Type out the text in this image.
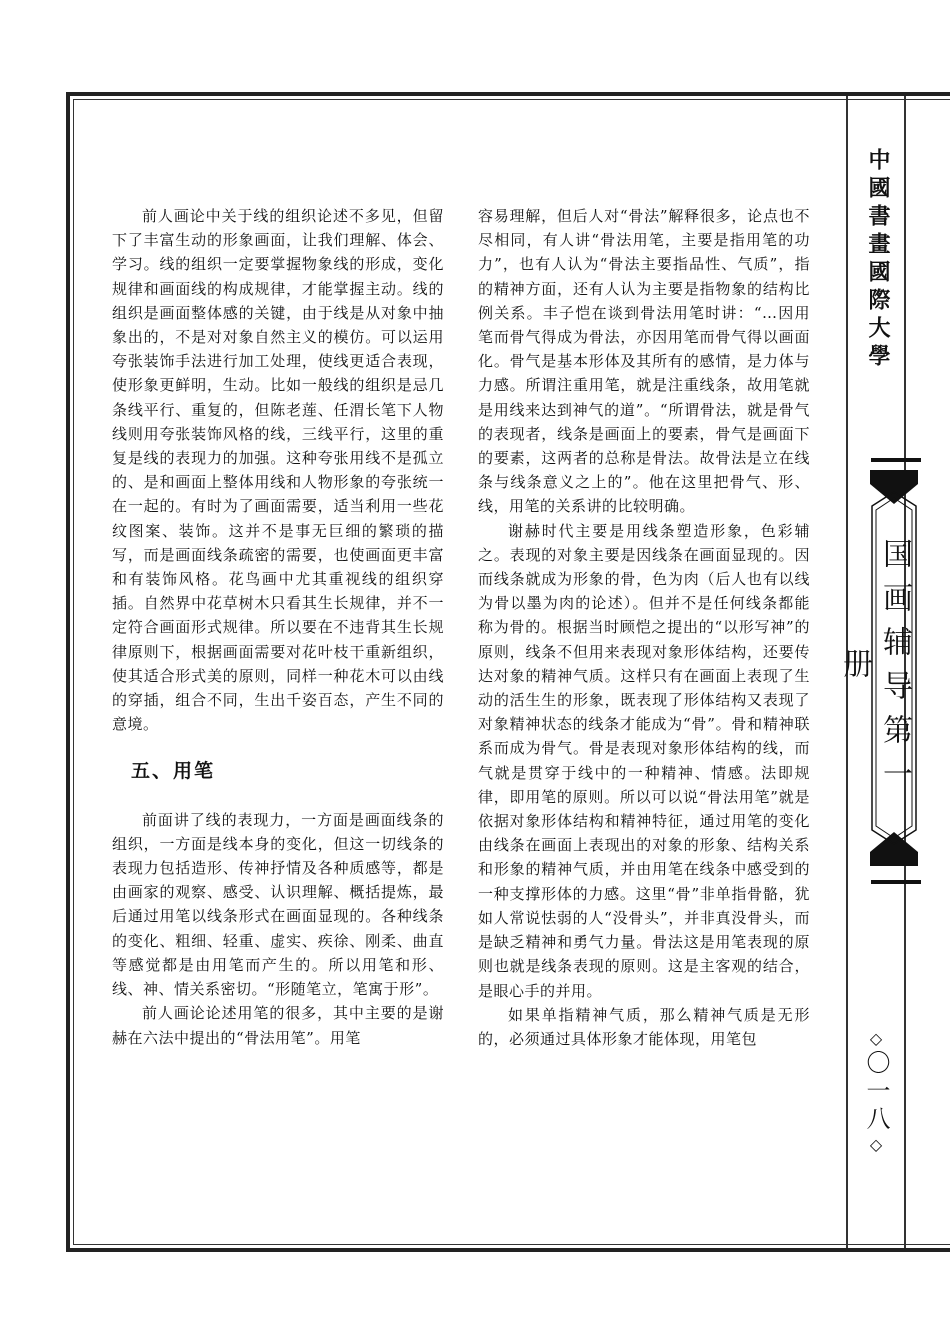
前人画论中关于线的组织论述不多见，但留下了丰富生动的形象画面，让我们理解、体会、学习。线的组织一定要掌握物象线的形成，变化规律和画面线的构成规律，才能掌握主动。线的组织是画面整体感的关键，由于线是从对象中抽象出的，不是对对象自然主义的模仿。可以运用夸张装饰手法进行加工处理，使线更适合表现，使形象更鲜明，生动。比如一般线的组织是忌几条线平行、重复的，但陈老莲、任渭长笔下人物线则用夸张装饰风格的线，三线平行，这里的重复是线的表现力的加强。这种夸张用线不是孤立的、是和画面上整体用线和人物形象的夸张统一在一起的。有时为了画面需要，适当利用一些花纹图案、装饰。这并不是事无巨细的繁琐的描写，而是画面线条疏密的需要，也使画面更丰富和有装饰风格。花鸟画中尤其重视线的组织穿插。自然界中花草树木只看其生长规律，并不一定符合画面形式规律。所以要在不违背其生长规律原则下，根据画面需要对花叶枝干重新组织，使其适合形式美的原则，同样一种花木可以由线的穿插，组合不同，生出千姿百态，产生不同的意境。

五、用笔

前面讲了线的表现力，一方面是画面线条的组织，一方面是线本身的变化，但这一切线条的表现力包括造形、传神抒情及各种质感等，都是由画家的观察、感受、认识理解、概括提炼，最后通过用笔以线条形式在画面显现的。各种线条的变化、粗细、轻重、虚实、疾徐、刚柔、曲直等感觉都是由用笔而产生的。所以用笔和形、线、神、情关系密切。“形随笔立，笔寓于形”。

前人画论论述用笔的很多，其中主要的是谢赫在六法中提出的“骨法用笔”。用笔

容易理解，但后人对“骨法”解释很多，论点也不尽相同，有人讲“骨法用笔，主要是指用笔的功力”，也有人认为“骨法主要指品性、气质”，指的精神方面，还有人认为主要是指物象的结构比例关系。丰子恺在谈到骨法用笔时讲：“…因用笔而骨气得成为骨法，亦因用笔而骨气得以画面化。骨气是基本形体及其所有的感情，是力体与力感。所谓注重用笔，就是注重线条，故用笔就是用线来达到神气的道”。“所谓骨法，就是骨气的表现者，线条是画面上的要素，骨气是画面下的要素，这两者的总称是骨法。故骨法是立在线条与线条意义之上的”。他在这里把骨气、形、线，用笔的关系讲的比较明确。

谢赫时代主要是用线条塑造形象，色彩辅之。表现的对象主要是因线条在画面显现的。因而线条就成为形象的骨，色为肉（后人也有以线为骨以墨为肉的论述）。但并不是任何线条都能称为骨的。根据当时顾恺之提出的“以形写神”的原则，线条不但用来表现对象形体结构，还要传达对象的精神气质。这样只有在画面上表现了生动的活生生的形象，既表现了形体结构又表现了对象精神状态的线条才能成为“骨”。骨和精神联系而成为骨气。骨是表现对象形体结构的线，而气就是贯穿于线中的一种精神、情感。法即规律，即用笔的原则。所以可以说“骨法用笔”就是依据对象形体结构和精神特征，通过用笔的变化由线条在画面上表现出的对象的形象、结构关系和形象的精神气质，并由用笔在线条中感受到的一种支撑形体的力感。这里“骨”非单指骨骼，犹如人常说怯弱的人“没骨头”，并非真没骨头，而是缺乏精神和勇气力量。骨法这是用笔表现的原则也就是线条表现的原则。这是主客观的结合，是眼心手的并用。

如果单指精神气质，那么精神气质是无形的，必须通过具体形象才能体现，用笔包

中國書畫國際大學
国画辅导第一册
◇
〇一八
◇
